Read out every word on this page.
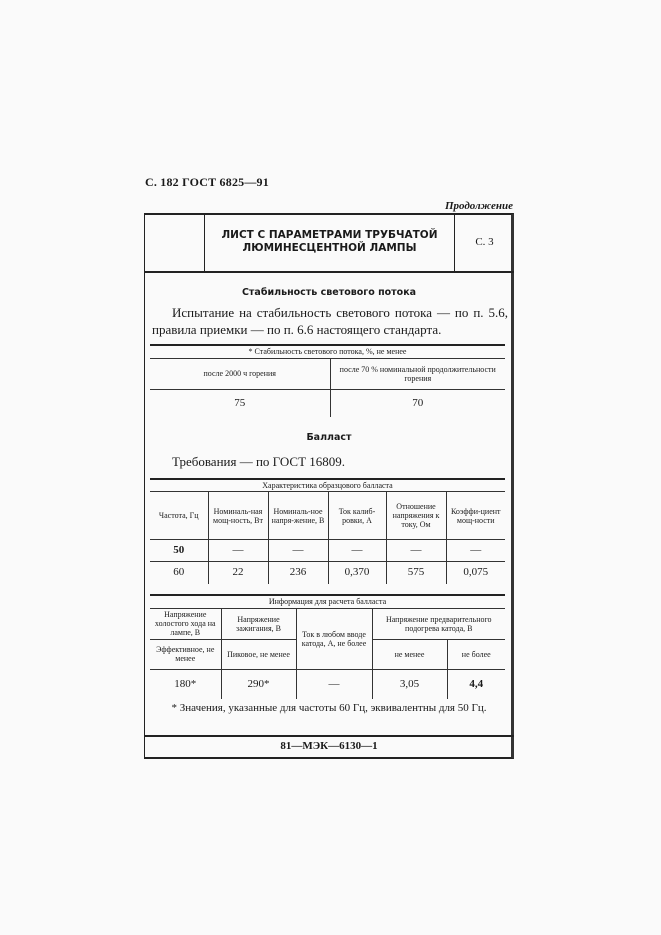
С. 182 ГОСТ 6825—91
Продолжение
ЛИСТ С ПАРАМЕТРАМИ ТРУБЧАТОЙ ЛЮМИНЕСЦЕНТНОЙ ЛАМПЫ	С. 3
Стабильность светового потока
Испытание на стабильность светового потока — по п. 5.6, правила приемки — по п. 6.6 настоящего стандарта.
* Стабильность светового потока, %, не менее	
после 2000 ч горения	после 70 % номинальной продолжительности горения
75	70
Балласт
Требования — по ГОСТ 16809.
Характеристика образцового балласта					
Частота, Гц	Номиналь-ная мощ-ность, Вт	Номиналь-ное напря-жение, В	Ток калиб-ровки, А	Отношение напряжения к току, Ом	Коэффи-циент мощ-ности
50	—	—	—	—	—
60	22	236	0,370	575	0,075
Информация для расчета балласта				
Напряжение холостого хода на лампе, В	Напряжение зажигания, В	Ток в любом вводе катода, А, не более	Напряжение предварительного подогрева катода, В	
Эффективное, не менее	Пиковое, не менее		не менее	не более
180*	290*	—	3,05	4,4
* Значения, указанные для частоты 60 Гц, эквивалентны для 50 Гц.
81—МЭК—6130—1
